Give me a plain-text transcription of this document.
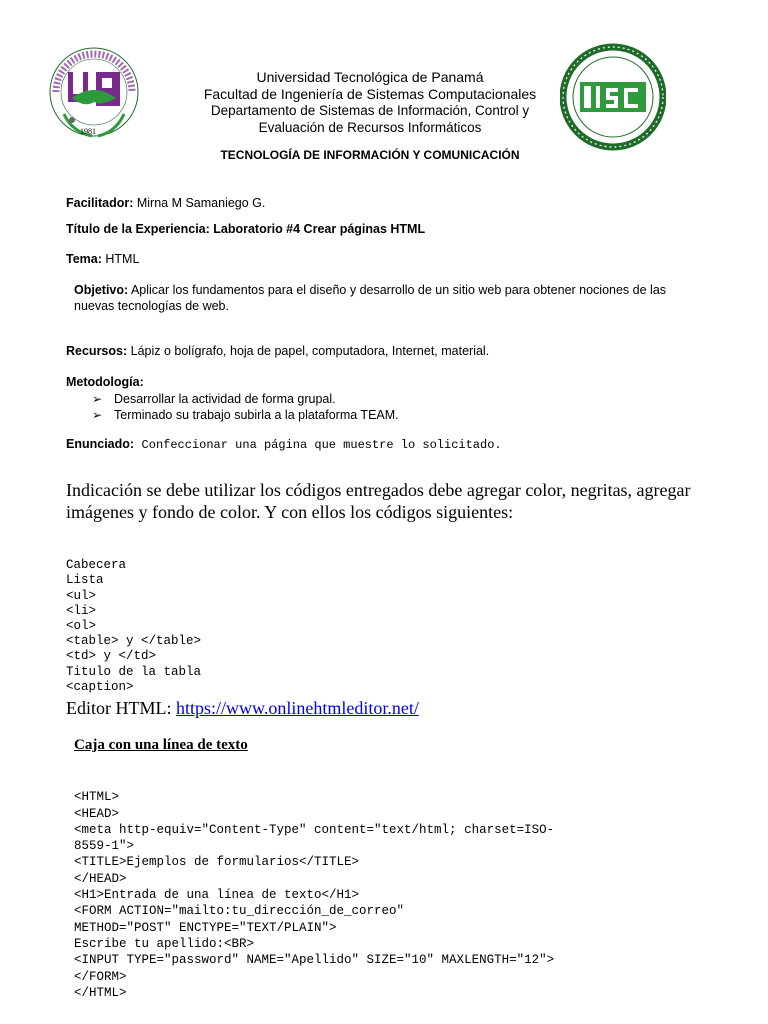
1981
Universidad Tecnológica de Panamá
Facultad de Ingeniería de Sistemas Computacionales
Departamento de Sistemas de Información, Control y
Evaluación de Recursos Informáticos
TECNOLOGÍA DE INFORMACIÓN Y COMUNICACIÓN
Facilitador: Mirna M Samaniego G.
Título de la Experiencia: Laboratorio #4 Crear páginas HTML
Tema: HTML
Objetivo: Aplicar los fundamentos para el diseño y desarrollo de un sitio web para obtener nociones de las nuevas tecnologías de web.
Recursos: Lápiz o bolígrafo, hoja de papel, computadora, Internet, material.
Metodología:
➢ Desarrollar la actividad de forma grupal.
➢ Terminado su trabajo subirla a la plataforma TEAM.
Enunciado: Confeccionar una página que muestre lo solicitado.
Indicación se debe utilizar los códigos entregados debe agregar color, negritas, agregar imágenes y fondo de color. Y con ellos los códigos siguientes:

Cabecera
Lista
<ul>
<li>
<ol>
<table> y </table>
<td> y </td>
Titulo de la tabla
<caption>

Editor HTML: https://www.onlinehtmleditor.net/
Caja con una línea de texto

<HTML>
<HEAD>
<meta http-equiv="Content-Type" content="text/html; charset=ISO-
8559-1">
<TITLE>Ejemplos de formularios</TITLE>
</HEAD>
<H1>Entrada de una línea de texto</H1>
<FORM ACTION="mailto:tu_dirección_de_correo"
METHOD="POST" ENCTYPE="TEXT/PLAIN">
Escribe tu apellido:<BR>
<INPUT TYPE="password" NAME="Apellido" SIZE="10" MAXLENGTH="12">
</FORM>
</HTML>
